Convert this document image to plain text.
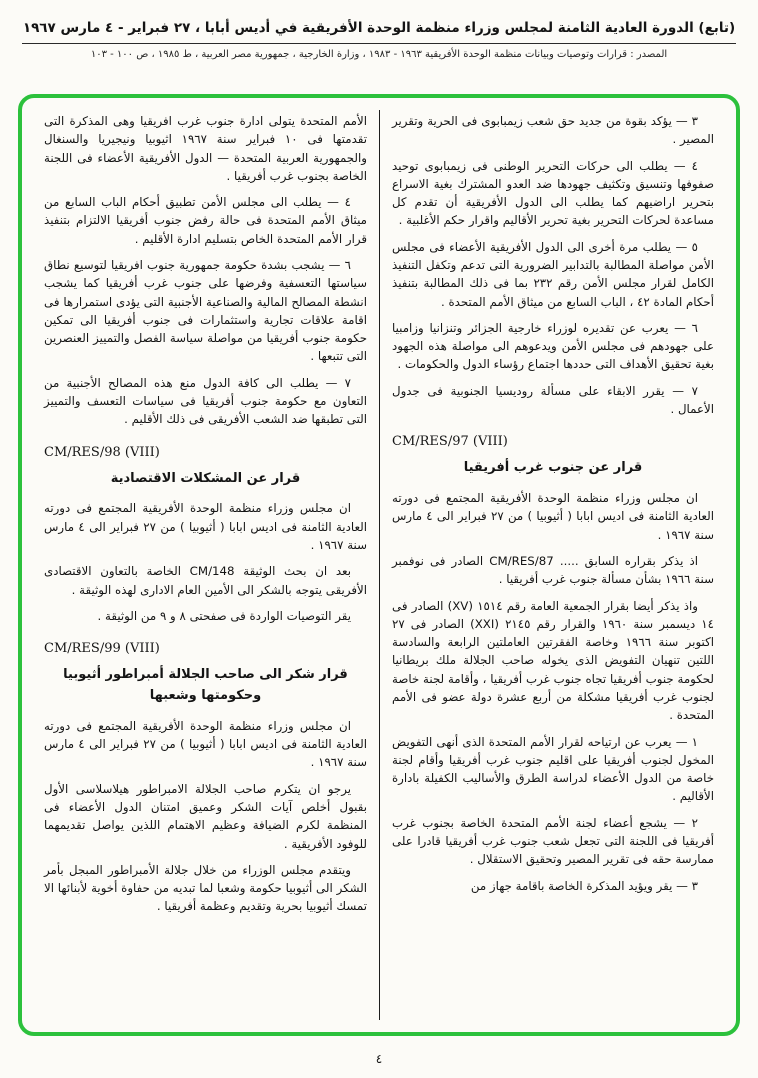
(تابع) الدورة العادية الثامنة لمجلس وزراء منظمة الوحدة الأفريقية في أديس أبابا ، ٢٧ فبراير - ٤ مارس ١٩٦٧
المصدر : قرارات وتوصيات وبيانات منظمة الوحدة الأفريقية ١٩٦٣ - ١٩٨٣ ، وزارة الخارجية ، جمهورية مصر العربية ، ط ١٩٨٥ ، ص ١٠٠ - ١٠٣

٣ — يؤكد بقوة من جديد حق شعب زيمبابوى فى الحرية وتقرير المصير .

٤ — يطلب الى حركات التحرير الوطنى فى زيمبابوى توحيد صفوفها وتنسيق وتكثيف جهودها ضد العدو المشترك بغية الاسراع بتحرير اراضيهم كما يطلب الى الدول الأفريقية أن تقدم كل مساعدة لحركات التحرير بغية تحرير الأقاليم واقرار حكم الأغلبية .

٥ — يطلب مرة أخرى الى الدول الأفريقية الأعضاء فى مجلس الأمن مواصلة المطالبة بالتدابير الضرورية التى تدعم وتكفل التنفيذ الكامل لقرار مجلس الأمن رقم ٢٣٢ بما فى ذلك المطالبة بتنفيذ أحكام المادة ٤٢ ، الباب السابع من ميثاق الأمم المتحدة .

٦ — يعرب عن تقديره لوزراء خارجية الجزائر وتنزانيا وزامبيا على جهودهم فى مجلس الأمن ويدعوهم الى مواصلة هذه الجهود بغية تحقيق الأهداف التى حددها اجتماع رؤساء الدول والحكومات .

٧ — يقرر الابقاء على مسألة روديسيا الجنوبية فى جدول الأعمال .

CM/RES/97 (VIII)
قرار عن جنوب غرب أفريقيا

ان مجلس وزراء منظمة الوحدة الأفريقية المجتمع فى دورته العادية الثامنة فى اديس ابابا ( أثيوبيا ) من ٢٧ فبراير الى ٤ مارس سنة ١٩٦٧ .

اذ يذكر بقراره السابق ..... CM/RES/87 الصادر فى نوفمبر سنة ١٩٦٦ بشأن مسألة جنوب غرب أفريقيا .

واذ يذكر أيضا بقرار الجمعية العامة رقم ١٥١٤ (XV) الصادر فى ١٤ ديسمبر سنة ١٩٦٠ والقرار رقم ٢١٤٥ (XXI) الصادر فى ٢٧ اكتوبر سنة ١٩٦٦ وخاصة الفقرتين العاملتين الرابعة والسادسة اللتين تنهيان التفويض الذى يخوله صاحب الجلالة ملك بريطانيا لحكومة جنوب أفريقيا تجاه جنوب غرب أفريقيا ، وأقامة لجنة خاصة لجنوب غرب أفريقيا مشكلة من أربع عشرة دولة عضو فى الأمم المتحدة .

١ — يعرب عن ارتياحه لقرار الأمم المتحدة الذى أنهى التفويض المخول لجنوب أفريقيا على اقليم جنوب غرب أفريقيا وأقام لجنة خاصة من الدول الأعضاء لدراسة الطرق والأساليب الكفيلة بادارة الأقاليم .

٢ — يشجع أعضاء لجنة الأمم المتحدة الخاصة بجنوب غرب أفريقيا فى اللجنة التى تجعل شعب جنوب غرب أفريقيا قادرا على ممارسة حقه فى تقرير المصير وتحقيق الاستقلال .

٣ — يقر ويؤيد المذكرة الخاصة باقامة جهاز من

الأمم المتحدة يتولى ادارة جنوب غرب افريقيا وهى المذكرة التى تقدمتها فى ١٠ فبراير سنة ١٩٦٧ اثيوبيا ونيجيريا والسنغال والجمهورية العربية المتحدة — الدول الأفريقية الأعضاء فى اللجنة الخاصة بجنوب غرب أفريقيا .

٤ — يطلب الى مجلس الأمن تطبيق أحكام الباب السابع من ميثاق الأمم المتحدة فى حالة رفض جنوب أفريقيا الالتزام بتنفيذ قرار الأمم المتحدة الخاص بتسليم ادارة الأقليم .

٦ — يشجب بشدة حكومة جمهورية جنوب افريقيا لتوسيع نطاق سياستها التعسفية وفرضها على جنوب غرب أفريقيا كما يشجب انشطة المصالح المالية والصناعية الأجنبية التى يؤدى استمرارها فى اقامة علاقات تجارية واستثمارات فى جنوب أفريقيا الى تمكين حكومة جنوب أفريقيا من مواصلة سياسة الفصل والتمييز العنصرين التى تتبعها .

٧ — يطلب الى كافة الدول منع هذه المصالح الأجنبية من التعاون مع حكومة جنوب أفريقيا فى سياسات التعسف والتمييز التى تطبقها ضد الشعب الأفريقى فى ذلك الأقليم .

CM/RES/98 (VIII)
قرار عن المشكلات الاقتصادية

ان مجلس وزراء منظمة الوحدة الأفريقية المجتمع فى دورته العادية الثامنة فى اديس ابابا ( أثيوبيا ) من ٢٧ فبراير الى ٤ مارس سنة ١٩٦٧ .

بعد ان بحث الوثيقة CM/148 الخاصة بالتعاون الاقتصادى الأفريقى يتوجه بالشكر الى الأمين العام الادارى لهذه الوثيقة .

يقر التوصيات الواردة فى صفحتى ٨ و ٩ من الوثيقة .

CM/RES/99 (VIII)
قرار شكر الى صاحب الجلالة أمبراطور أثيوبيا وحكومتها وشعبها

ان مجلس وزراء منظمة الوحدة الأفريقية المجتمع فى دورته العادية الثامنة فى اديس ابابا ( أثيوبيا ) من ٢٧ فبراير الى ٤ مارس سنة ١٩٦٧ .

يرجو ان يتكرم صاحب الجلالة الامبراطور هيلاسلاسى الأول بقبول أخلص آيات الشكر وعميق امتنان الدول الأعضاء فى المنظمة لكرم الضيافة وعظيم الاهتمام اللذين يواصل تقديمهما للوفود الأفريقية .

ويتقدم مجلس الوزراء من خلال جلالة الأمبراطور المبجل بأمر الشكر الى أثيوبيا حكومة وشعبا لما تبديه من حفاوة أخوية لأبنائها الا تمسك أثيوبيا بحرية وتقديم وعظمة أفريقيا .

٤
